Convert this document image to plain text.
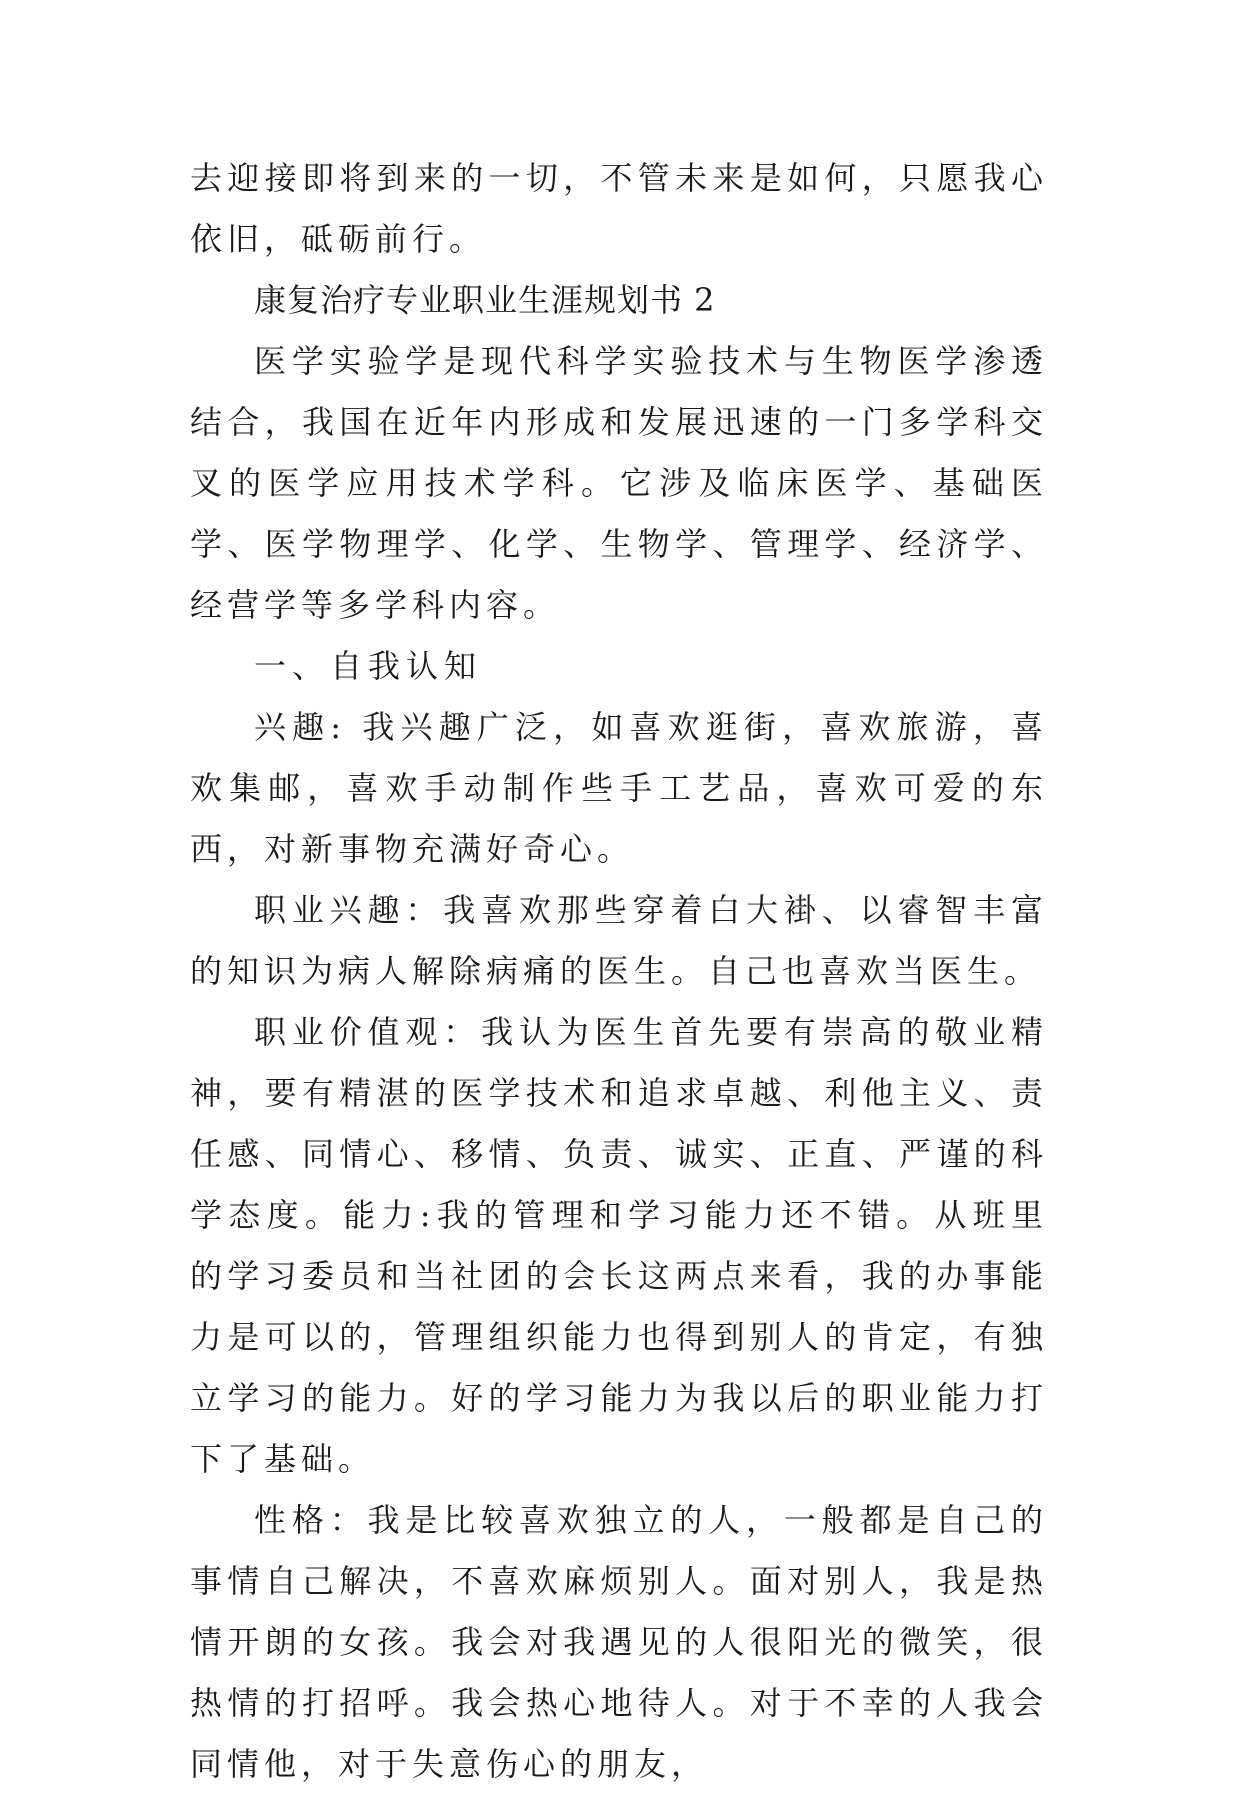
去迎接即将到来的一切，不管未来是如何，只愿我心依旧，砥砺前行。

康复治疗专业职业生涯规划书 2

医学实验学是现代科学实验技术与生物医学渗透结合，我国在近年内形成和发展迅速的一门多学科交叉的医学应用技术学科。它涉及临床医学、基础医学、医学物理学、化学、生物学、管理学、经济学、经营学等多学科内容。

一、自我认知

兴趣: 我兴趣广泛，如喜欢逛街，喜欢旅游，喜欢集邮，喜欢手动制作些手工艺品，喜欢可爱的东西，对新事物充满好奇心。

职业兴趣：我喜欢那些穿着白大褂、以睿智丰富的知识为病人解除病痛的医生。自己也喜欢当医生。

职业价值观：我认为医生首先要有崇高的敬业精神，要有精湛的医学技术和追求卓越、利他主义、责任感、同情心、移情、负责、诚实、正直、严谨的科学态度。能力:我的管理和学习能力还不错。从班里的学习委员和当社团的会长这两点来看，我的办事能力是可以的，管理组织能力也得到别人的肯定，有独立学习的能力。好的学习能力为我以后的职业能力打下了基础。

性格：我是比较喜欢独立的人，一般都是自己的事情自己解决，不喜欢麻烦别人。面对别人，我是热情开朗的女孩。我会对我遇见的人很阳光的微笑，很热情的打招呼。我会热心地待人。对于不幸的人我会同情他，对于失意伤心的朋友，
